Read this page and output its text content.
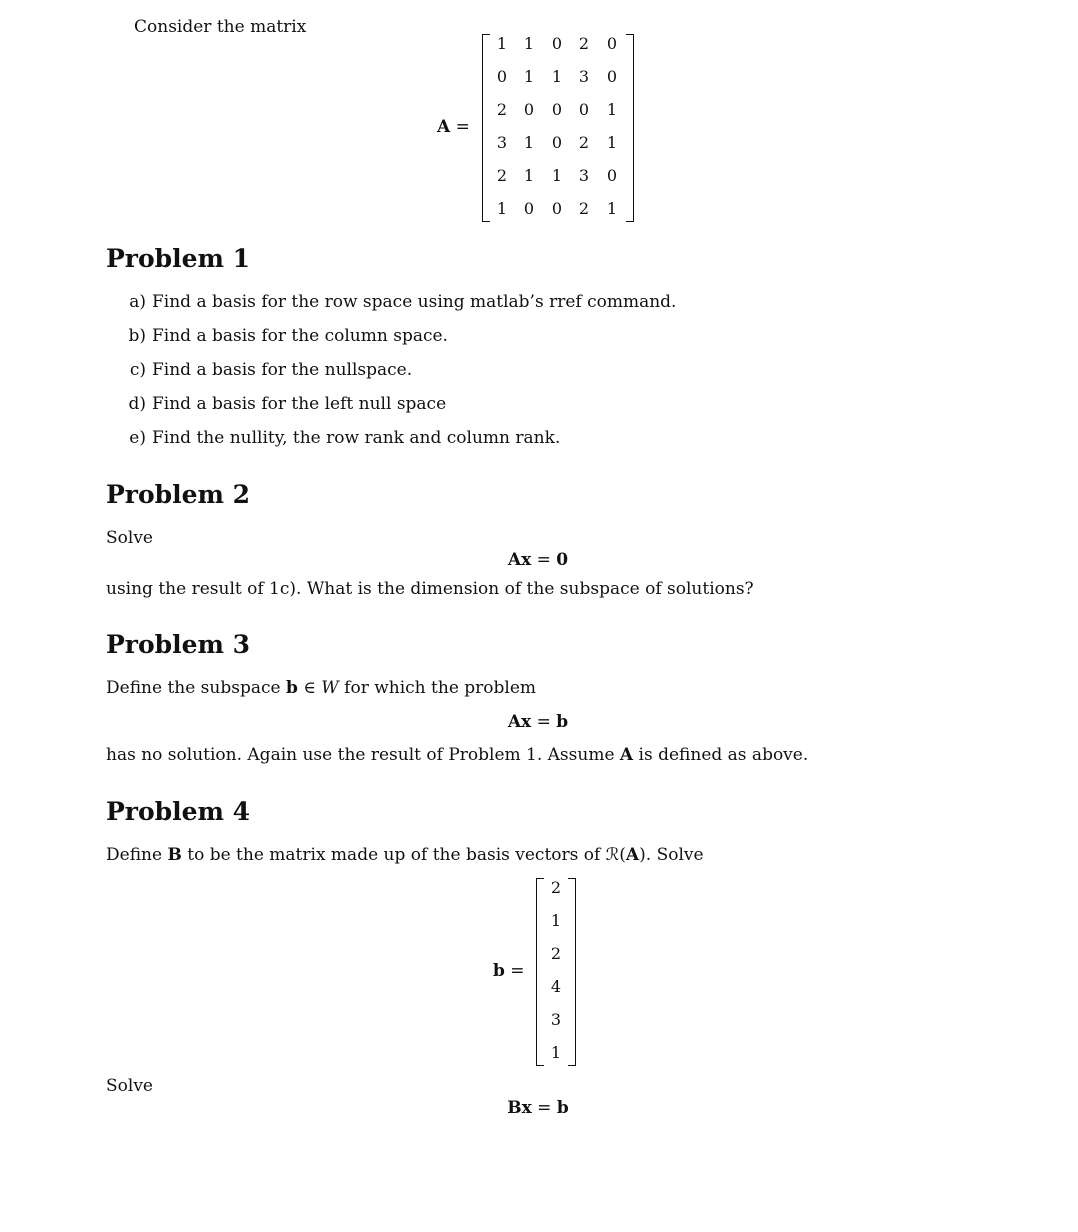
Consider the matrix
A =
1	1	0	2	0
0	1	1	3	0
2	0	0	0	1
3	1	0	2	1
2	1	1	3	0
1	0	0	2	1
Problem 1
a) Find a basis for the row space using matlab’s rref command.
b) Find a basis for the column space.
c) Find a basis for the nullspace.
d) Find a basis for the left null space
e) Find the nullity, the row rank and column rank.
Problem 2
Solve
Ax = 0
using the result of 1c). What is the dimension of the subspace of solutions?
Problem 3
Define the subspace b ∈ W for which the problem
Ax = b
has no solution. Again use the result of Problem 1. Assume A is defined as above.
Problem 4
Define B to be the matrix made up of the basis vectors of ℛ(A). Solve
b =
2
1
2
4
3
1
Solve
Bx = b
